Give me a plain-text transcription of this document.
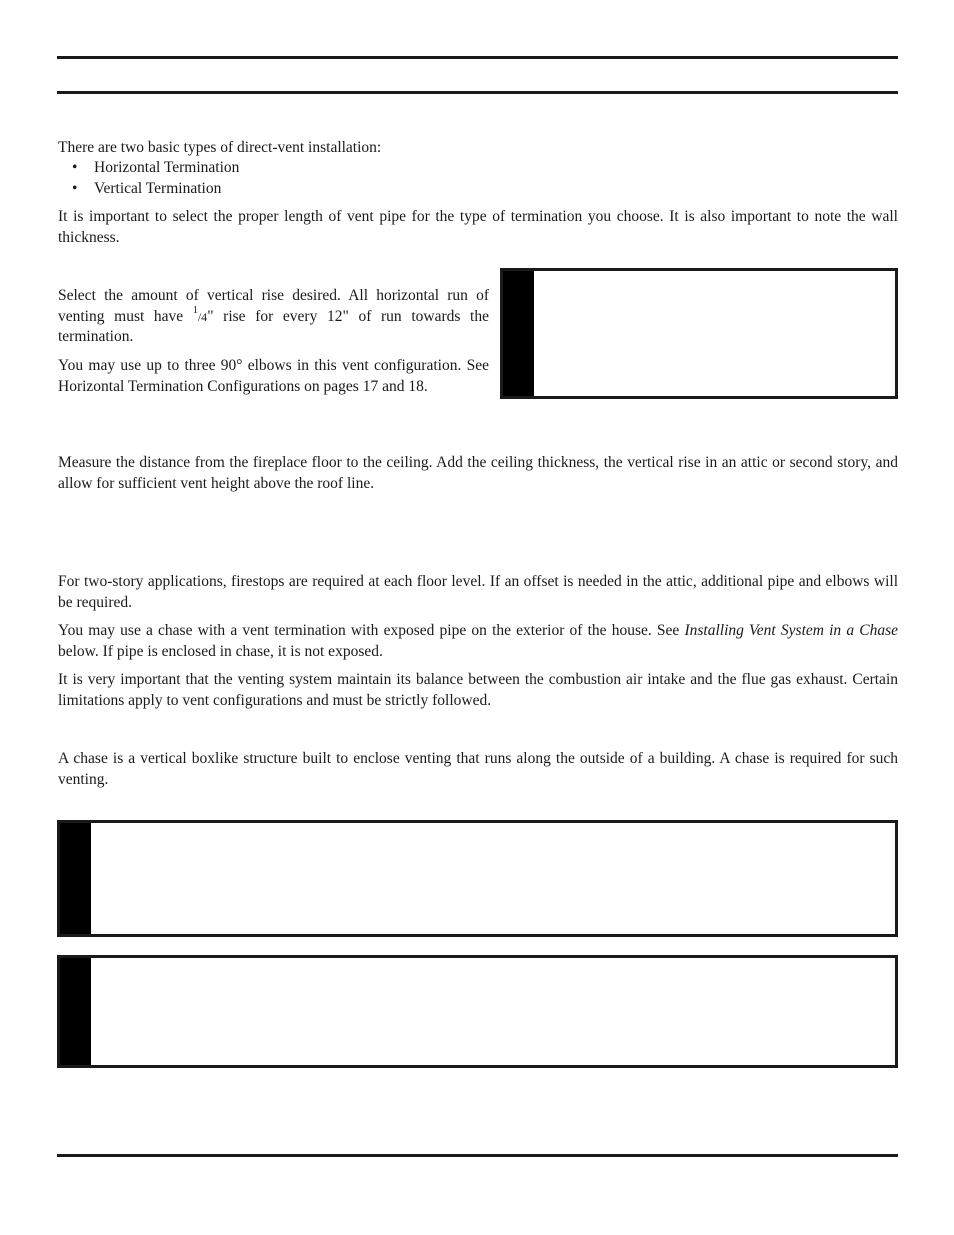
There are two basic types of direct-vent installation:

• Horizontal Termination
• Vertical Termination

It is important to select the proper length of vent pipe for the type of termination you choose. It is also important to note the wall thickness.

Select the amount of vertical rise desired. All horizontal run of venting must have $^1$/4" rise for every 12" of run towards the termination.

You may use up to three 90° elbows in this vent configuration. See Horizontal Termination Configurations on pages 17 and 18.

Measure the distance from the fireplace floor to the ceiling. Add the ceiling thickness, the vertical rise in an attic or second story, and allow for sufficient vent height above the roof line.

For two-story applications, firestops are required at each floor level. If an offset is needed in the attic, additional pipe and elbows will be required.

You may use a chase with a vent termination with exposed pipe on the exterior of the house. See Installing Vent System in a Chase below. If pipe is enclosed in chase, it is not exposed.

It is very important that the venting system maintain its balance between the combustion air intake and the flue gas exhaust. Certain limitations apply to vent configurations and must be strictly followed.

A chase is a vertical boxlike structure built to enclose venting that runs along the outside of a building. A chase is required for such venting.
